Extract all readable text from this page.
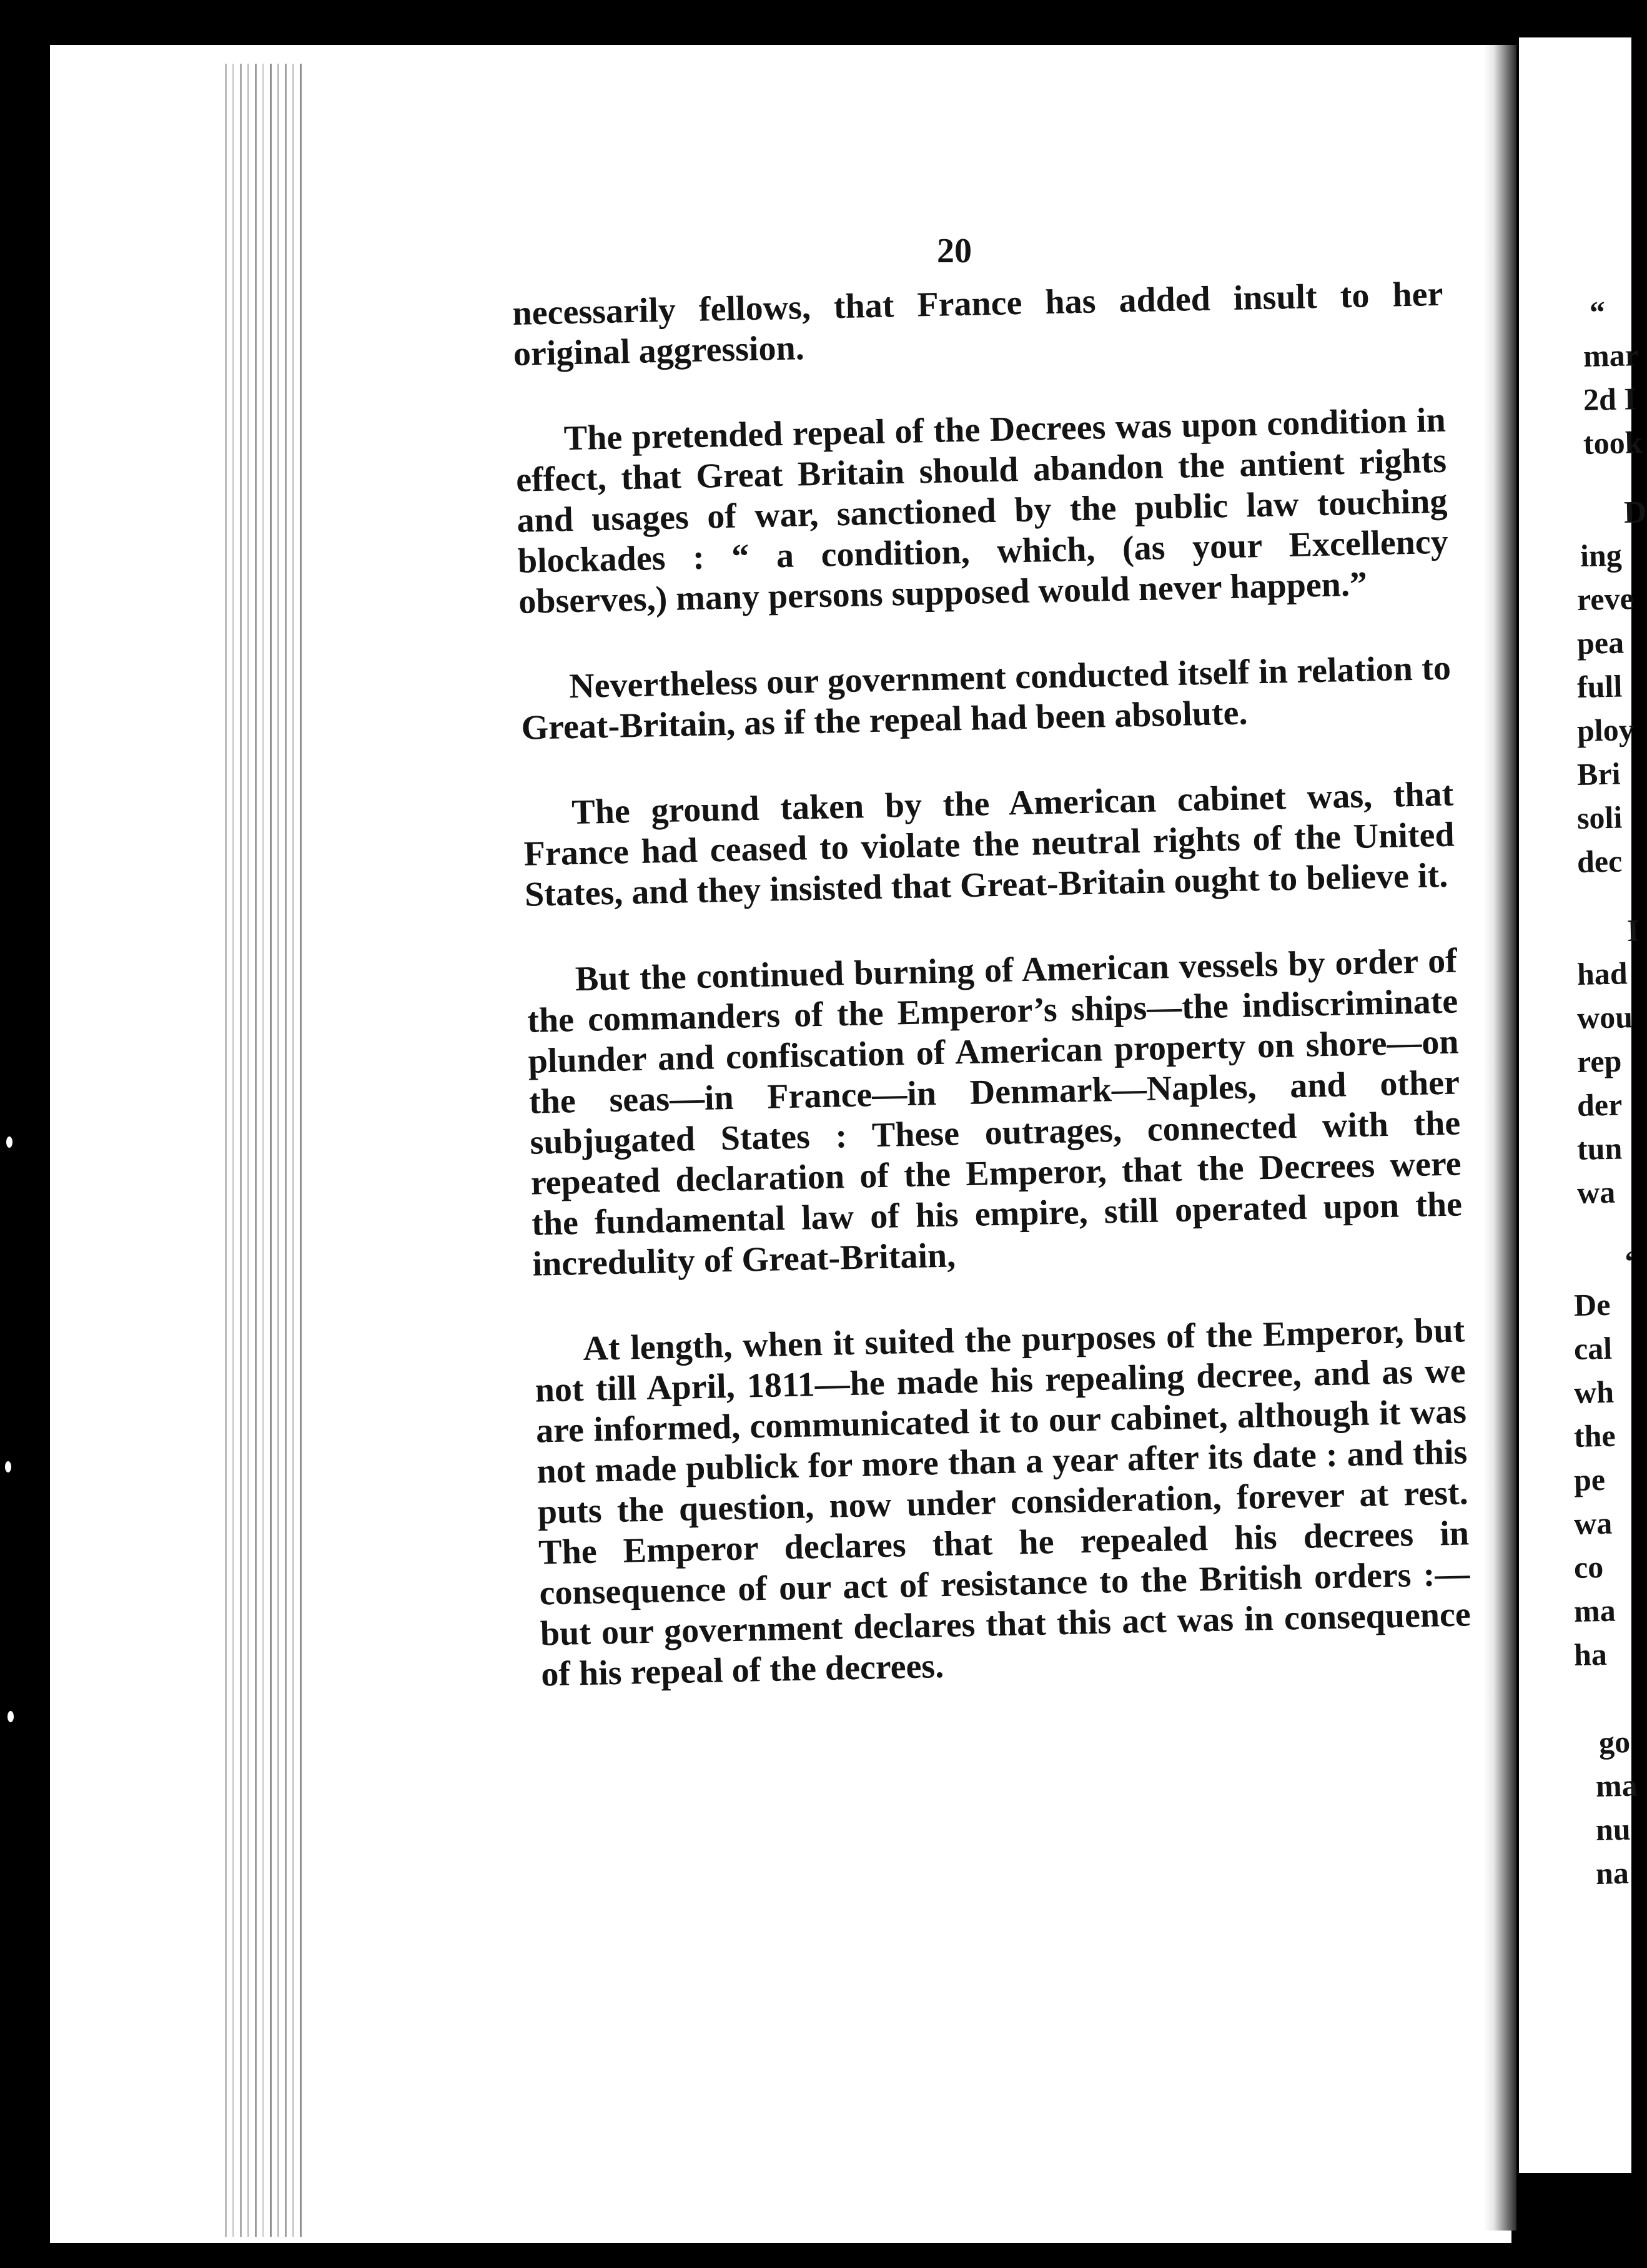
20

necessarily fellows, that France has added insult to her original aggression.

The pretended repeal of the Decrees was upon condition in effect, that Great Britain should abandon the antient rights and usages of war, sanctioned by the public law touching blockades : “ a condition, which, (as your Excellency observes,) many persons supposed would never happen.”

Nevertheless our government conducted itself in relation to Great-Britain, as if the repeal had been absolute.

The ground taken by the American cabinet was, that France had ceased to violate the neutral rights of the United States, and they insisted that Great-Britain ought to believe it.

But the continued burning of American vessels by order of the commanders of the Emperor’s ships—the indiscriminate plunder and confiscation of American property on shore—on the seas—in France—in Denmark—Naples, and other subjugated States : These outrages, connected with the repeated declaration of the Emperor, that the Decrees were the fundamental law of his empire, still operated upon the incredulity of Great-Britain,

At length, when it suited the purposes of the Emperor, but not till April, 1811—he made his repealing decree, and as we are informed, communicated it to our cabinet, although it was not made publick for more than a year after its date : and this puts the question, now under consideration, forever at rest. The Emperor declares that he repealed his decrees in consequence of our act of resistance to the British orders :—but our government declares that this act was in consequence of his repeal of the decrees.

“
mar
2d I
took
D
ing
reve
pea
full
ploy
Bri
soli
dec
I
had
wou
rep
der
tun
wa
‘
De
cal
wh
the
pe
wa
co
ma
ha
go
ma
nu
na
